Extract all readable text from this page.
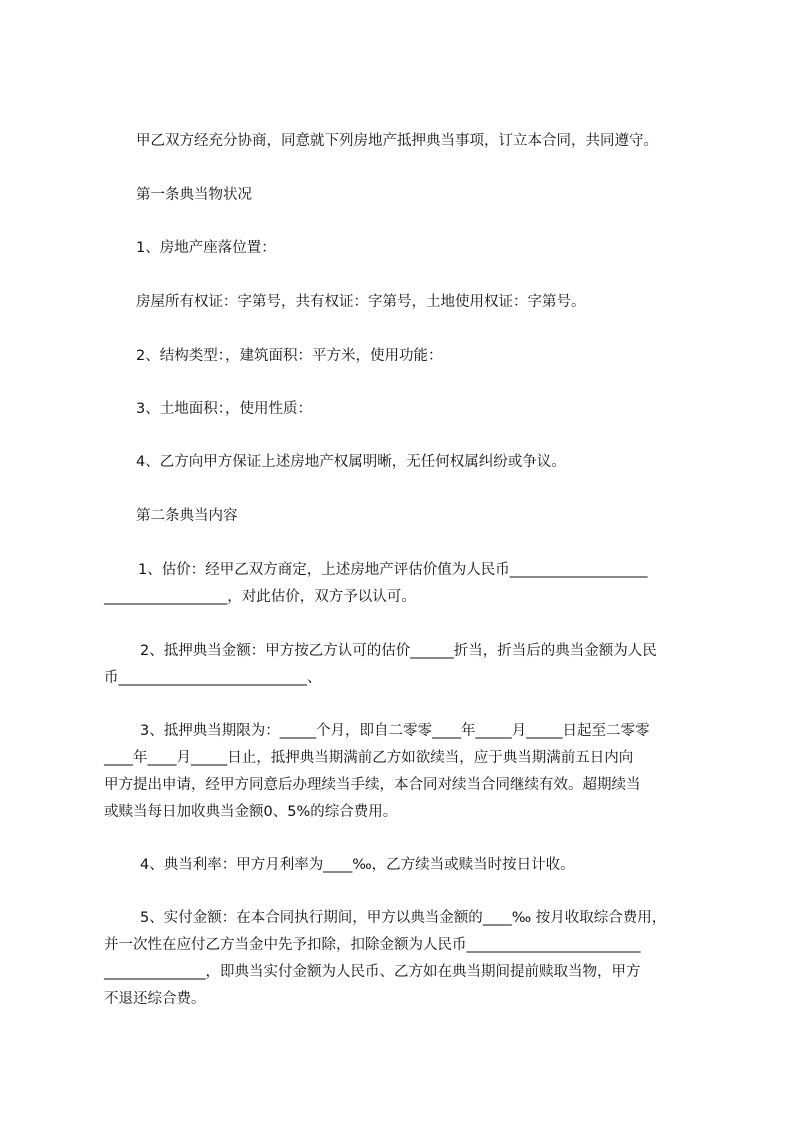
甲乙双方经充分协商，同意就下列房地产抵押典当事项，订立本合同，共同遵守。

第一条典当物状况

1、房地产座落位置：

房屋所有权证：字第号，共有权证：字第号，土地使用权证：字第号。

2、结构类型：，建筑面积：平方米，使用功能：

3、土地面积：，使用性质：

4、乙方向甲方保证上述房地产权属明晰，无任何权属纠纷或争议。

第二条典当内容

1、估价：经甲乙双方商定，上述房地产评估价值为人民币___________________

_________________，对此估价，双方予以认可。

2、抵押典当金额：甲方按乙方认可的估价______折当，折当后的典当金额为人民

币__________________________、

3、抵押典当期限为：_____个月，即自二零零____年_____月_____日起至二零零

____年____月_____日止，抵押典当期满前乙方如欲续当，应于典当期满前五日内向

甲方提出申请，经甲方同意后办理续当手续，本合同对续当合同继续有效。超期续当

或赎当每日加收典当金额0、5%的综合费用。

4、典当利率：甲方月利率为____‰，乙方续当或赎当时按日计收。

5、实付金额：在本合同执行期间，甲方以典当金额的____‰ 按月收取综合费用，

并一次性在应付乙方当金中先予扣除，扣除金额为人民币________________________

______________，即典当实付金额为人民币、乙方如在典当期间提前赎取当物，甲方

不退还综合费。
